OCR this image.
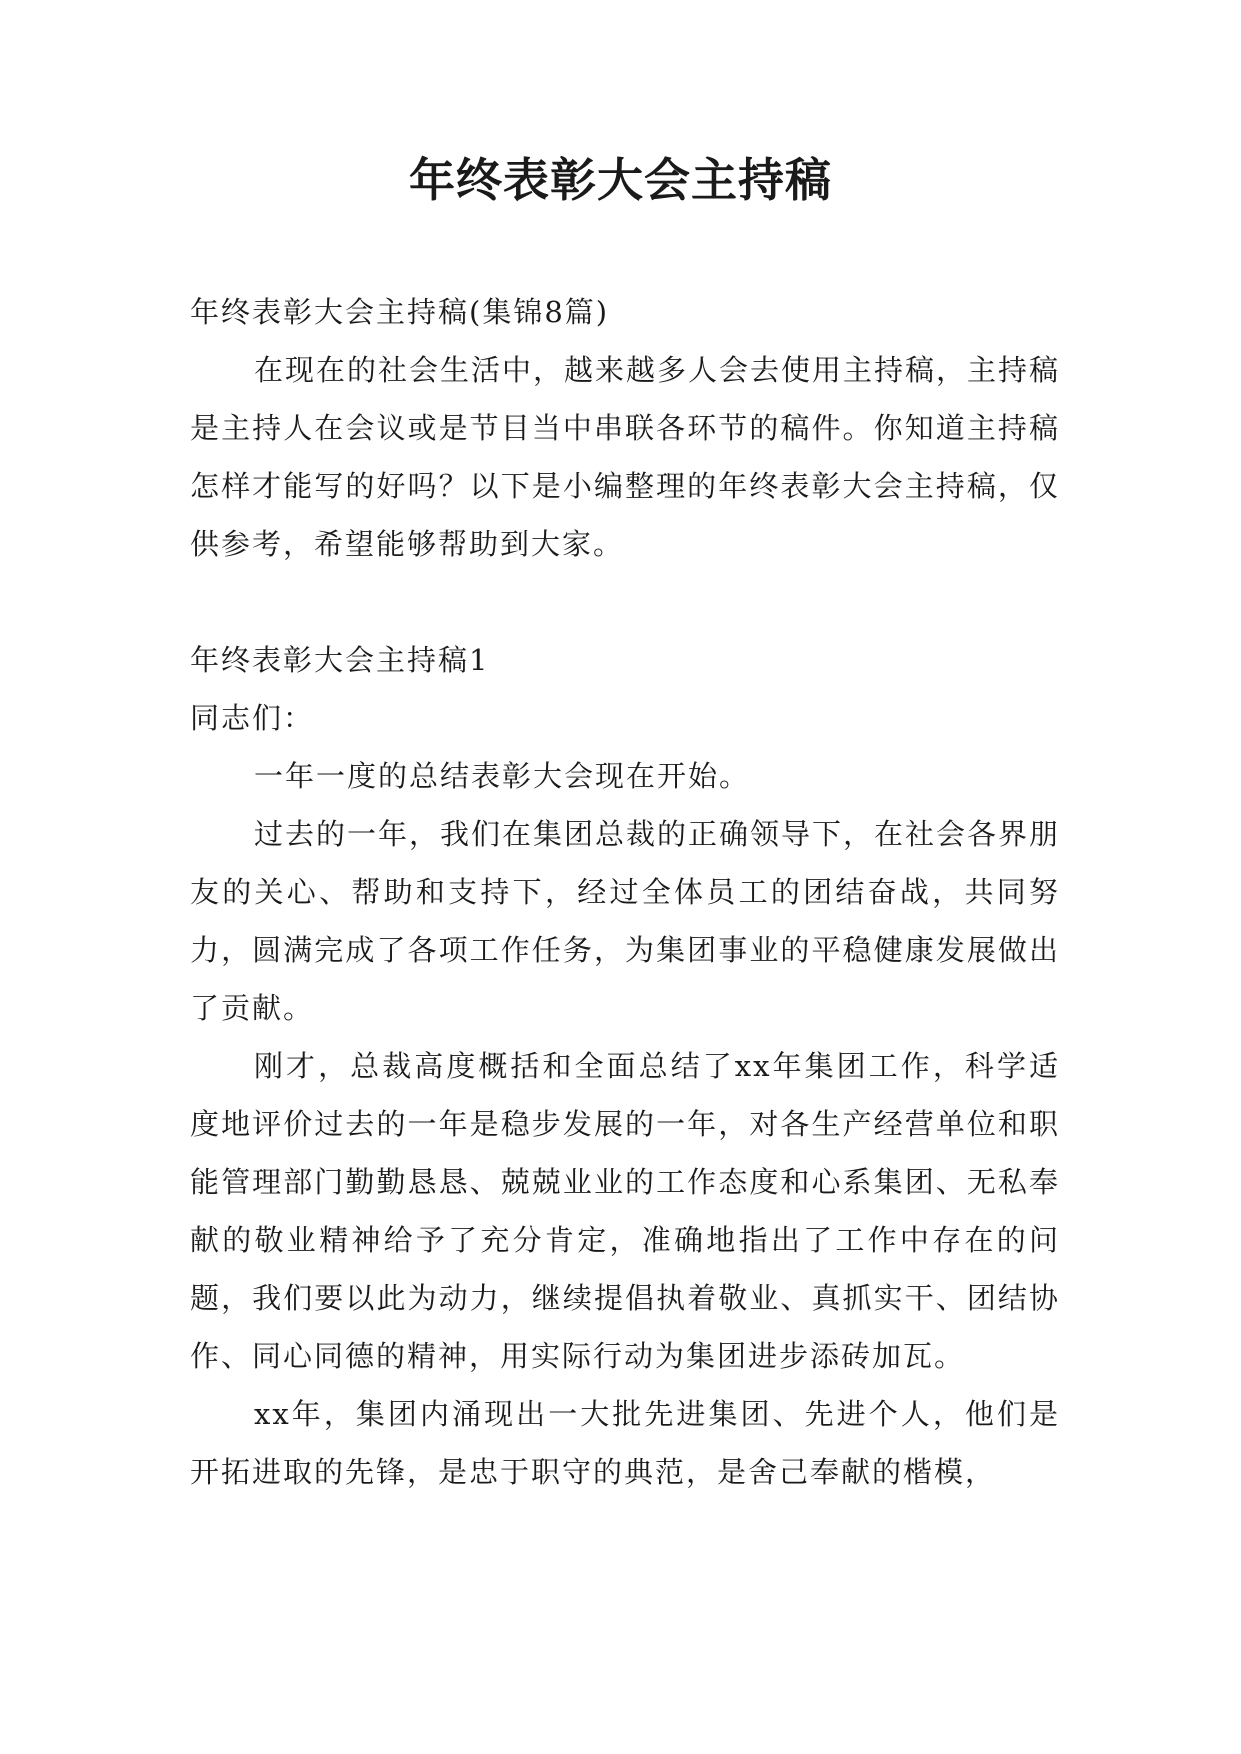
年终表彰大会主持稿

年终表彰大会主持稿(集锦8篇)

在现在的社会生活中，越来越多人会去使用主持稿，主持稿是主持人在会议或是节目当中串联各环节的稿件。你知道主持稿怎样才能写的好吗？以下是小编整理的年终表彰大会主持稿，仅供参考，希望能够帮助到大家。

年终表彰大会主持稿1

同志们：

一年一度的总结表彰大会现在开始。

过去的一年，我们在集团总裁的正确领导下，在社会各界朋友的关心、帮助和支持下，经过全体员工的团结奋战，共同努力，圆满完成了各项工作任务，为集团事业的平稳健康发展做出了贡献。

刚才，总裁高度概括和全面总结了xx年集团工作，科学适度地评价过去的一年是稳步发展的一年，对各生产经营单位和职能管理部门勤勤恳恳、兢兢业业的工作态度和心系集团、无私奉献的敬业精神给予了充分肯定，准确地指出了工作中存在的问题，我们要以此为动力，继续提倡执着敬业、真抓实干、团结协作、同心同德的精神，用实际行动为集团进步添砖加瓦。

xx年，集团内涌现出一大批先进集团、先进个人，他们是开拓进取的先锋，是忠于职守的典范，是舍己奉献的楷模，
